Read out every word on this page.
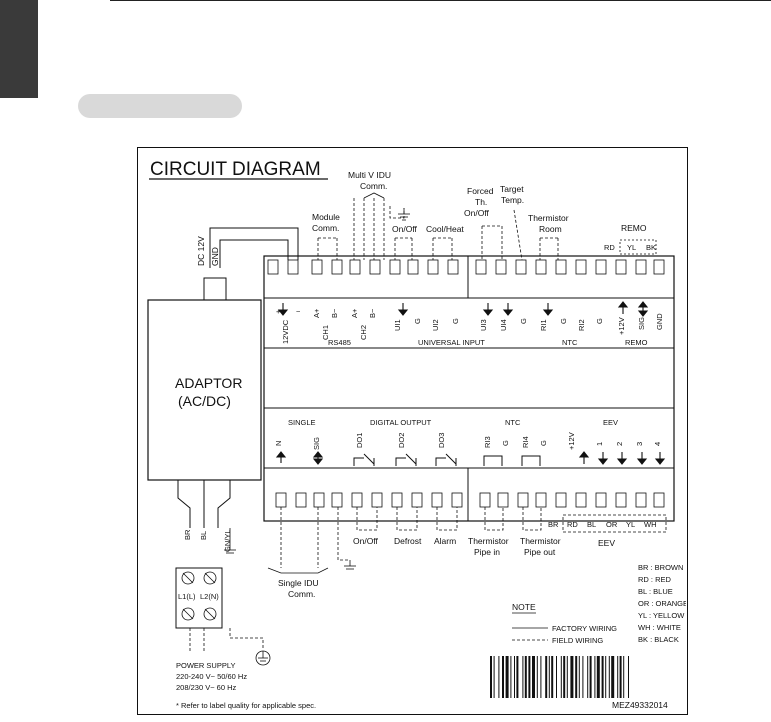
CIRCUIT DIAGRAM	Multi V IDU
Comm.
Module
Comm.	On/Off Cool/Heat
Forced
Th.
On/Off
Target
Temp.
Thermistor
Room	REMO
RD YL BK
DC 12V GND
ADAPTOR
(AC/DC)
+ −
12VDC
A+ B−
CH1
A+ B−
CH2
RS485
UI1 G UI2 G	UI3 UI4 G
UNIVERSAL INPUT
RI1 G RI2 G
NTC
+12V SIG GND
REMO
SINGLE
N	SIG
DIGITAL OUTPUT
DO1	DO2	DO3
NTC
RI3 G RI4 G
EEV
+12V	1 2 3 4
BR BL GN/YL	On/Off Defrost Alarm Thermistor
Pipe in
Thermistor
Pipe out
BR RD BL OR YL WH
EEV
Single IDU
Comm.
L1(L) L2(N)
POWER SUPPLY
220-240 V~ 50/60 Hz
208/230 V~ 60 Hz
* Refer to label quality for applicable spec.
NOTE
FACTORY WIRING
FIELD WIRING
BR : BROWN
RD : RED
BL : BLUE
OR : ORANGE
YL : YELLOW
WH : WHITE
BK : BLACK
MEZ49332014
